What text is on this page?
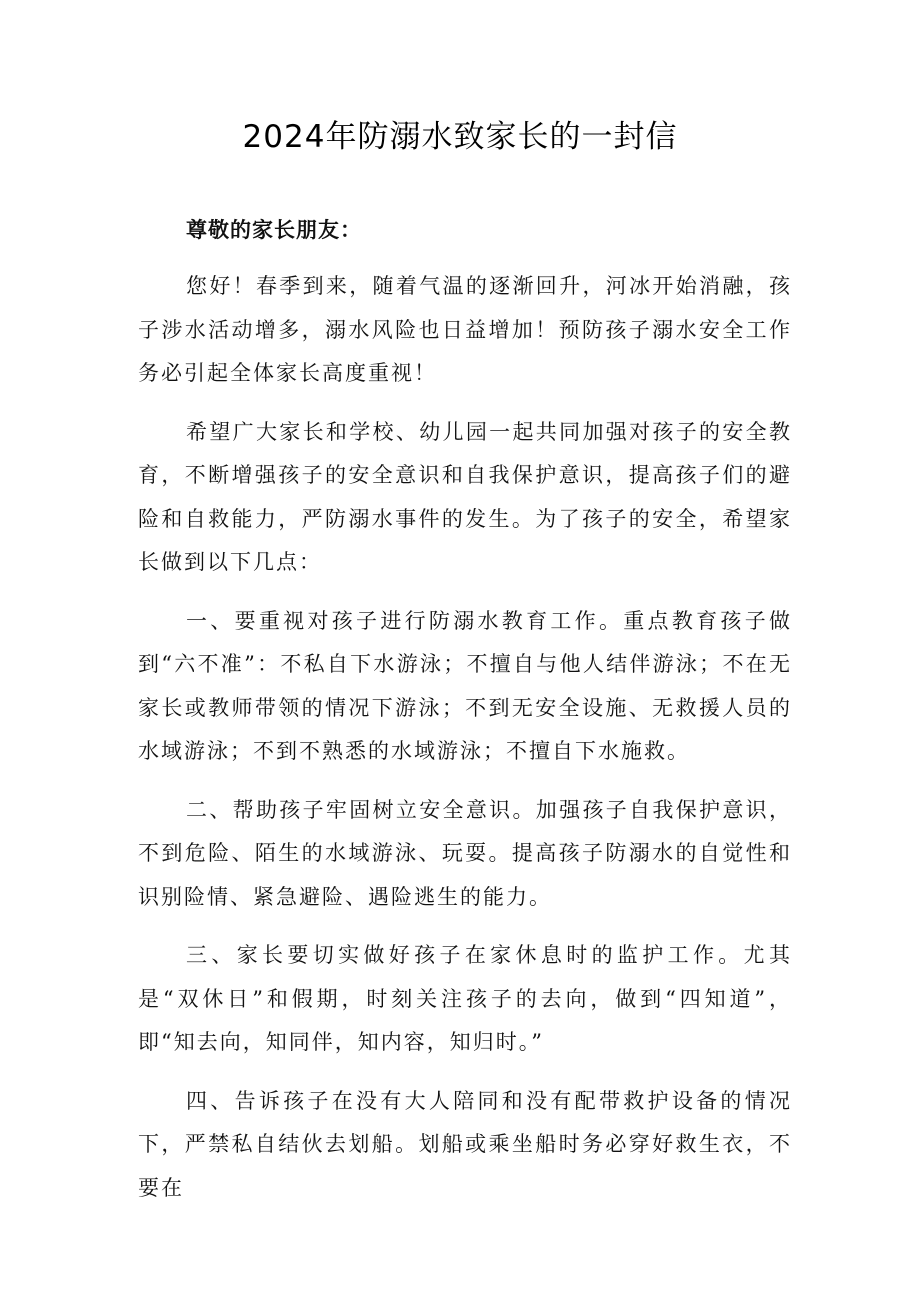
2024年防溺水致家长的一封信

尊敬的家长朋友：

您好！春季到来，随着气温的逐渐回升，河冰开始消融，孩子涉水活动增多，溺水风险也日益增加！预防孩子溺水安全工作务必引起全体家长高度重视！

希望广大家长和学校、幼儿园一起共同加强对孩子的安全教育，不断增强孩子的安全意识和自我保护意识，提高孩子们的避险和自救能力，严防溺水事件的发生。为了孩子的安全，希望家长做到以下几点：

一、要重视对孩子进行防溺水教育工作。重点教育孩子做到“六不准”：不私自下水游泳；不擅自与他人结伴游泳；不在无家长或教师带领的情况下游泳；不到无安全设施、无救援人员的水域游泳；不到不熟悉的水域游泳；不擅自下水施救。

二、帮助孩子牢固树立安全意识。加强孩子自我保护意识，不到危险、陌生的水域游泳、玩耍。提高孩子防溺水的自觉性和识别险情、紧急避险、遇险逃生的能力。

三、家长要切实做好孩子在家休息时的监护工作。尤其是“双休日”和假期，时刻关注孩子的去向，做到“四知道”，即“知去向，知同伴，知内容，知归时。”

四、告诉孩子在没有大人陪同和没有配带救护设备的情况下，严禁私自结伙去划船。划船或乘坐船时务必穿好救生衣，不要在
